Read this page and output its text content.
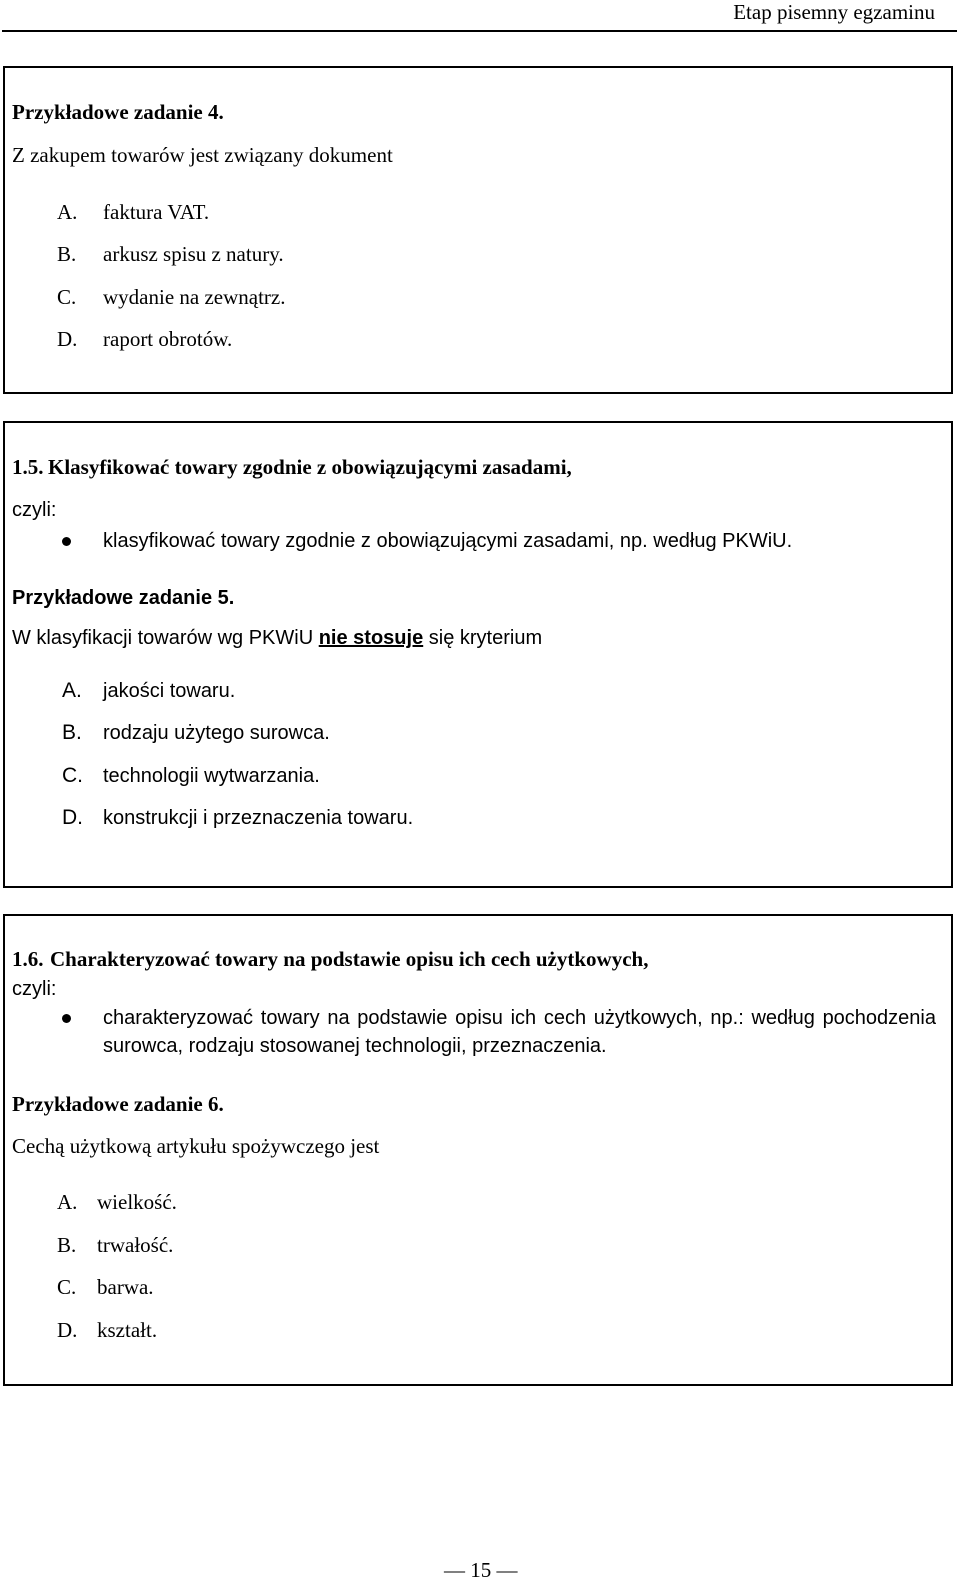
Etap pisemny egzaminu
Przykładowe zadanie 4.
Z zakupem towarów jest związany dokument
A. faktura VAT.
B. arkusz spisu z natury.
C. wydanie na zewnątrz.
D. raport obrotów.
1.5. Klasyfikować towary zgodnie z obowiązującymi zasadami,
czyli:
klasyfikować towary zgodnie z obowiązującymi zasadami, np. według PKWiU.
Przykładowe zadanie 5.
W klasyfikacji towarów wg PKWiU nie stosuje się kryterium
A. jakości towaru.
B. rodzaju użytego surowca.
C. technologii wytwarzania.
D. konstrukcji i przeznaczenia towaru.
1.6. Charakteryzować towary na podstawie opisu ich cech użytkowych,
czyli:
charakteryzować towary na podstawie opisu ich cech użytkowych, np.: według pochodzenia surowca, rodzaju stosowanej technologii, przeznaczenia.
Przykładowe zadanie 6.
Cechą użytkową artykułu spożywczego jest
A. wielkość.
B. trwałość.
C. barwa.
D. kształt.
— 15 —
